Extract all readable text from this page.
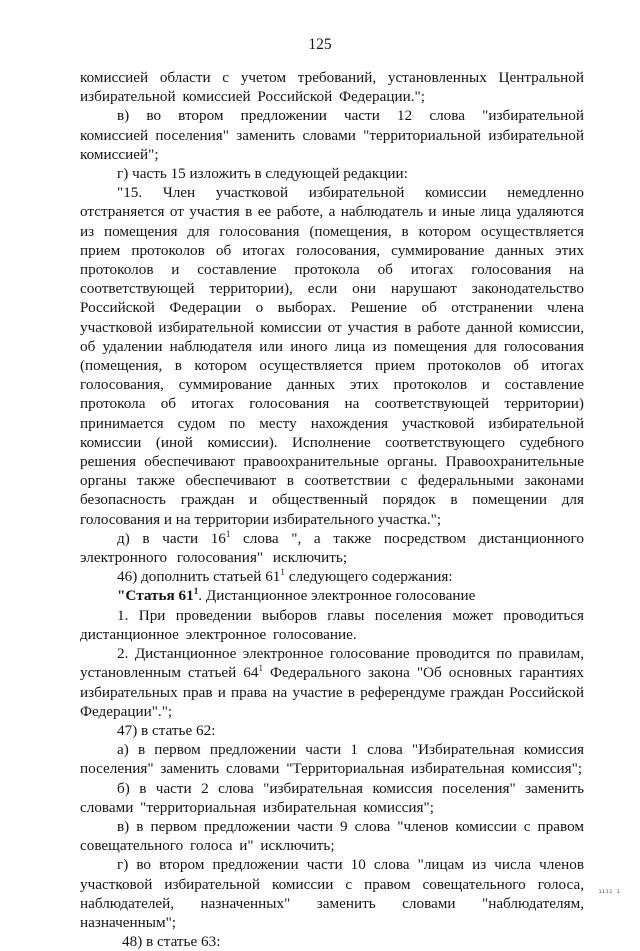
125

комиссией области с учетом требований, установленных Центральной избирательной комиссией Российской Федерации.";

в) во втором предложении части 12 слова "избирательной комиссией поселения" заменить словами "территориальной избирательной комиссией";

г) часть 15 изложить в следующей редакции:

"15. Член участковой избирательной комиссии немедленно отстраняется от участия в ее работе, а наблюдатель и иные лица удаляются из помещения для голосования (помещения, в котором осуществляется прием протоколов об итогах голосования, суммирование данных этих протоколов и составление протокола об итогах голосования на соответствующей территории), если они нарушают законодательство Российской Федерации о выборах. Решение об отстранении члена участковой избирательной комиссии от участия в работе данной комиссии, об удалении наблюдателя или иного лица из помещения для голосования (помещения, в котором осуществляется прием протоколов об итогах голосования, суммирование данных этих протоколов и составление протокола об итогах голосования на соответствующей территории) принимается судом по месту нахождения участковой избирательной комиссии (иной комиссии). Исполнение соответствующего судебного решения обеспечивают правоохранительные органы. Правоохранительные органы также обеспечивают в соответствии с федеральными законами безопасность граждан и общественный порядок в помещении для голосования и на территории избирательного участка.";

д) в части $16^1$ слова ", а также посредством дистанционного электронного голосования" исключить;

46) дополнить статьей $61^1$ следующего содержания:

"Статья $61^1$. Дистанционное электронное голосование

1. При проведении выборов главы поселения может проводиться дистанционное электронное голосование.

2. Дистанционное электронное голосование проводится по правилам, установленным статьей $64^1$ Федерального закона "Об основных гарантиях избирательных прав и права на участие в референдуме граждан Российской Федерации".";

47) в статье 62:

а) в первом предложении части 1 слова "Избирательная комиссия поселения" заменить словами "Территориальная избирательная комиссия";

б) в части 2 слова "избирательная комиссия поселения" заменить словами "территориальная избирательная комиссия";

в) в первом предложении части 9 слова "членов комиссии с правом совещательного голоса и" исключить;

г) во втором предложении части 10 слова "лицам из числа членов участковой избирательной комиссии с правом совещательного голоса, наблюдателей, назначенных" заменить словами "наблюдателям, назначенным";

48) в статье 63:

ıııı ı
